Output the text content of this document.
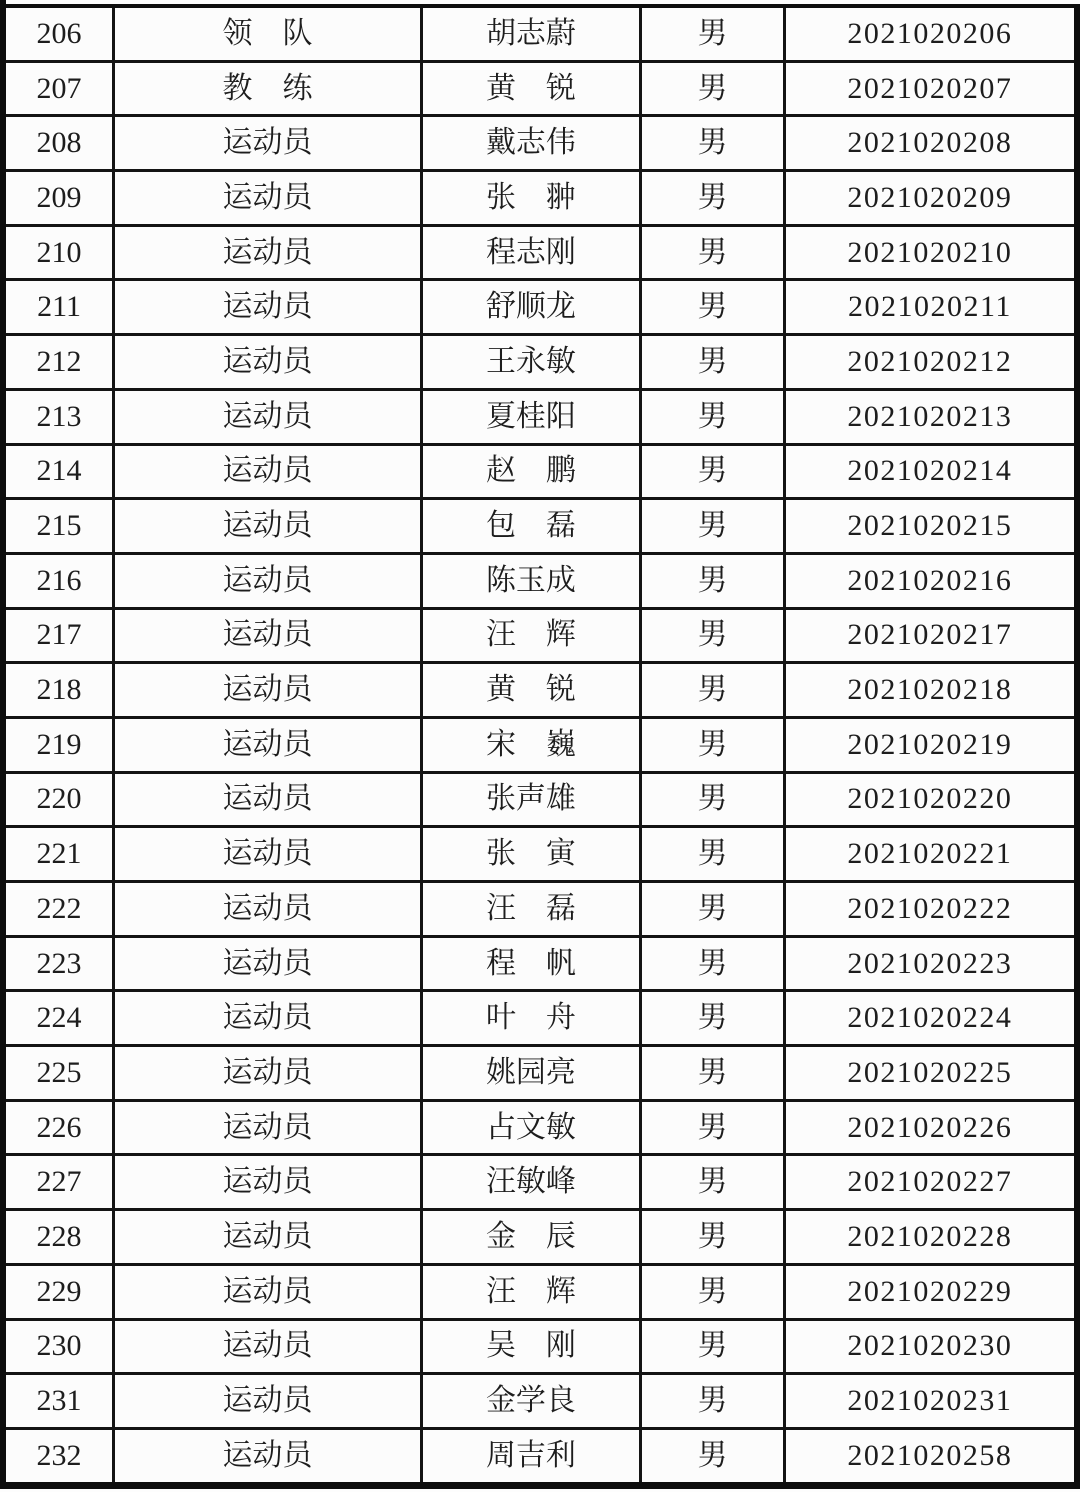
206	领　队	胡志蔚	男	2021020206
207	教　练	黄　锐	男	2021020207
208	运动员	戴志伟	男	2021020208
209	运动员	张　翀	男	2021020209
210	运动员	程志刚	男	2021020210
211	运动员	舒顺龙	男	2021020211
212	运动员	王永敏	男	2021020212
213	运动员	夏桂阳	男	2021020213
214	运动员	赵　鹏	男	2021020214
215	运动员	包　磊	男	2021020215
216	运动员	陈玉成	男	2021020216
217	运动员	汪　辉	男	2021020217
218	运动员	黄　锐	男	2021020218
219	运动员	宋　巍	男	2021020219
220	运动员	张声雄	男	2021020220
221	运动员	张　寅	男	2021020221
222	运动员	汪　磊	男	2021020222
223	运动员	程　帆	男	2021020223
224	运动员	叶　舟	男	2021020224
225	运动员	姚园亮	男	2021020225
226	运动员	占文敏	男	2021020226
227	运动员	汪敏峰	男	2021020227
228	运动员	金　辰	男	2021020228
229	运动员	汪　辉	男	2021020229
230	运动员	吴　刚	男	2021020230
231	运动员	金学良	男	2021020231
232	运动员	周吉利	男	2021020258
